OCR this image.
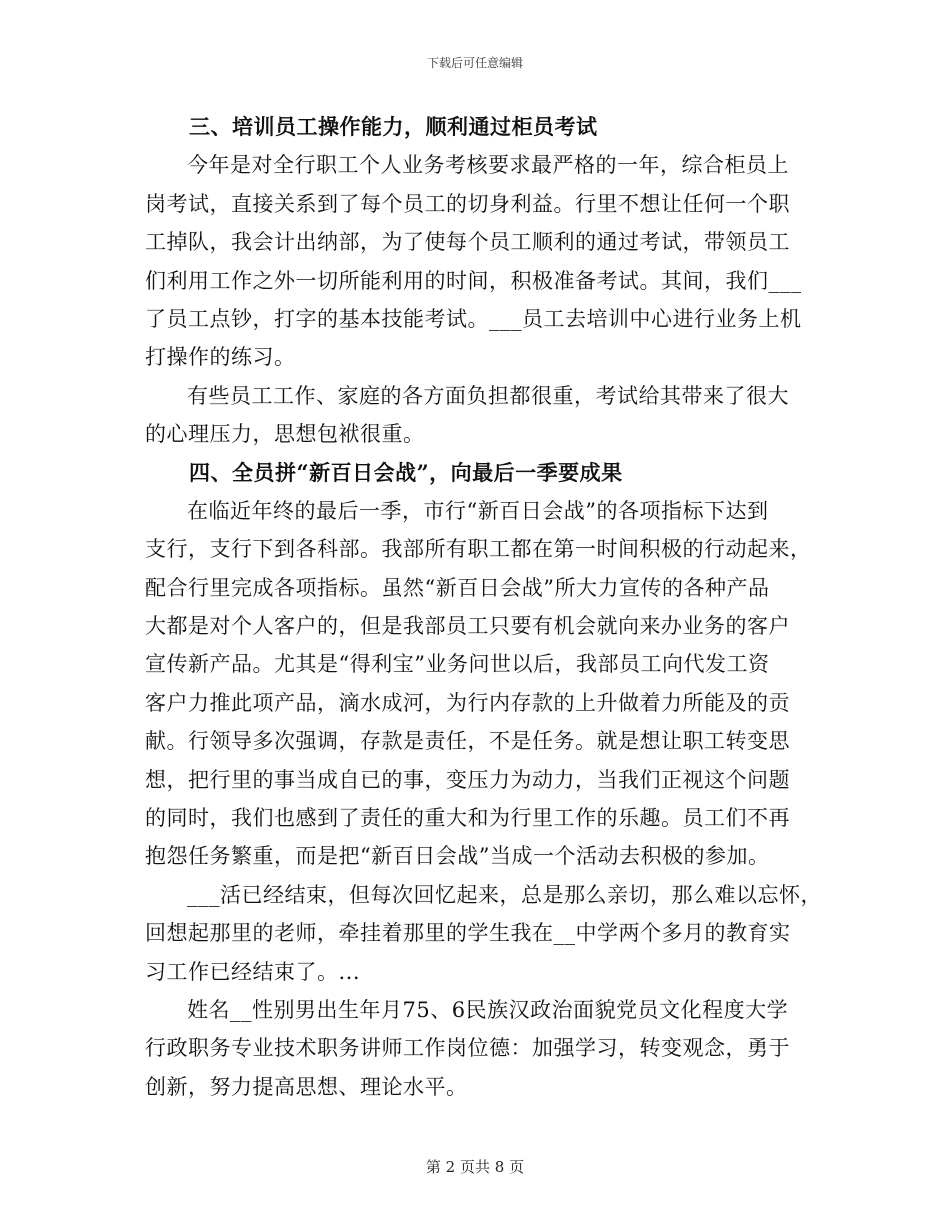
下载后可任意编辑
三、培训员工操作能力，顺利通过柜员考试
今年是对全行职工个人业务考核要求最严格的一年，综合柜员上
岗考试，直接关系到了每个员工的切身利益。行里不想让任何一个职
工掉队，我会计出纳部，为了使每个员工顺利的通过考试，带领员工
们利用工作之外一切所能利用的时间，积极准备考试。其间，我们___
了员工点钞，打字的基本技能考试。___员工去培训中心进行业务上机
打操作的练习。
有些员工工作、家庭的各方面负担都很重，考试给其带来了很大
的心理压力，思想包袱很重。
四、全员拼“新百日会战”，向最后一季要成果
在临近年终的最后一季，市行“新百日会战”的各项指标下达到
支行，支行下到各科部。我部所有职工都在第一时间积极的行动起来，
配合行里完成各项指标。虽然“新百日会战”所大力宣传的各种产品
大都是对个人客户的，但是我部员工只要有机会就向来办业务的客户
宣传新产品。尤其是“得利宝”业务问世以后，我部员工向代发工资
客户力推此项产品，滴水成河，为行内存款的上升做着力所能及的贡
献。行领导多次强调，存款是责任，不是任务。就是想让职工转变思
想，把行里的事当成自已的事，变压力为动力，当我们正视这个问题
的同时，我们也感到了责任的重大和为行里工作的乐趣。员工们不再
抱怨任务繁重，而是把“新百日会战”当成一个活动去积极的参加。
___活已经结束，但每次回忆起来，总是那么亲切，那么难以忘怀，
回想起那里的老师，牵挂着那里的学生我在__中学两个多月的教育实
习工作已经结束了。...
姓名__性别男出生年月75、6民族汉政治面貌党员文化程度大学
行政职务专业技术职务讲师工作岗位德：加强学习，转变观念，勇于
创新，努力提高思想、理论水平。
第 2 页共 8 页
